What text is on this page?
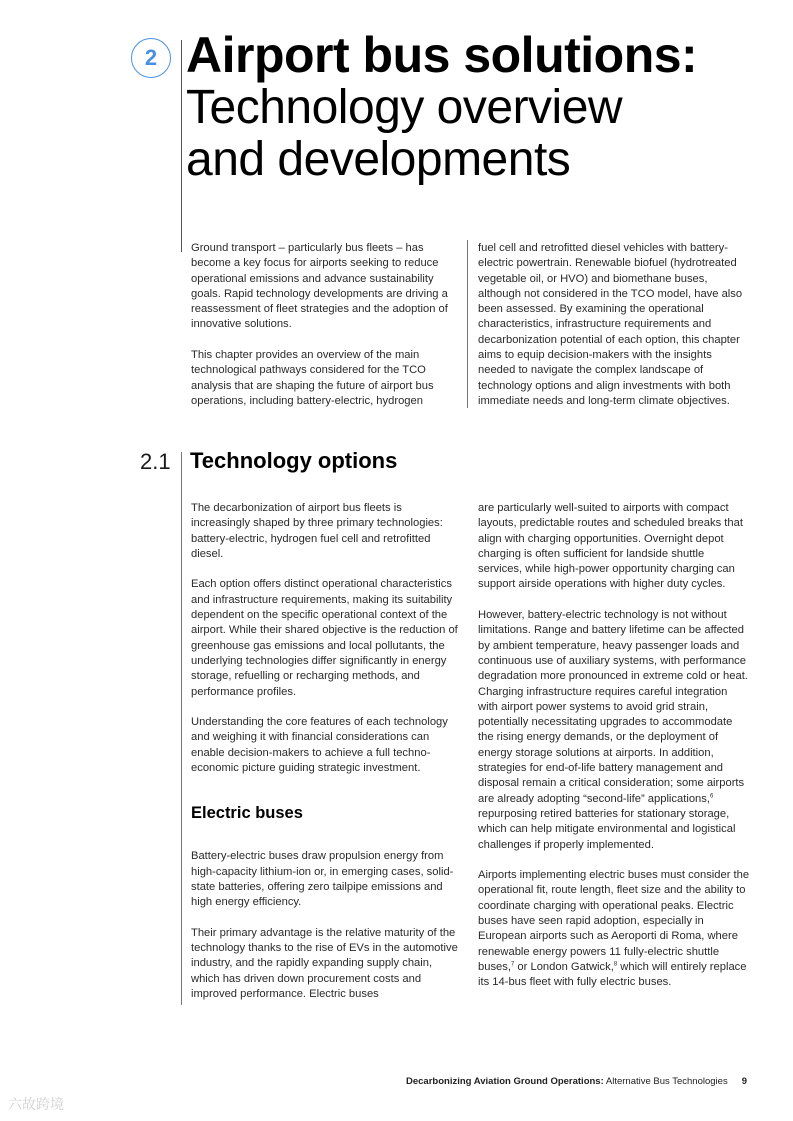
2 Airport bus solutions:
Technology overview
and developments

Ground transport – particularly bus fleets – has become a key focus for airports seeking to reduce operational emissions and advance sustainability goals. Rapid technology developments are driving a reassessment of fleet strategies and the adoption of innovative solutions.

This chapter provides an overview of the main technological pathways considered for the TCO analysis that are shaping the future of airport bus operations, including battery-electric, hydrogen

fuel cell and retrofitted diesel vehicles with battery-electric powertrain. Renewable biofuel (hydrotreated vegetable oil, or HVO) and biomethane buses, although not considered in the TCO model, have also been assessed. By examining the operational characteristics, infrastructure requirements and decarbonization potential of each option, this chapter aims to equip decision-makers with the insights needed to navigate the complex landscape of technology options and align investments with both immediate needs and long-term climate objectives.

2.1 Technology options

The decarbonization of airport bus fleets is increasingly shaped by three primary technologies: battery-electric, hydrogen fuel cell and retrofitted diesel.

Each option offers distinct operational characteristics and infrastructure requirements, making its suitability dependent on the specific operational context of the airport. While their shared objective is the reduction of greenhouse gas emissions and local pollutants, the underlying technologies differ significantly in energy storage, refuelling or recharging methods, and performance profiles.

Understanding the core features of each technology and weighing it with financial considerations can enable decision-makers to achieve a full techno-economic picture guiding strategic investment.

Electric buses

Battery-electric buses draw propulsion energy from high-capacity lithium-ion or, in emerging cases, solid-state batteries, offering zero tailpipe emissions and high energy efficiency.

Their primary advantage is the relative maturity of the technology thanks to the rise of EVs in the automotive industry, and the rapidly expanding supply chain, which has driven down procurement costs and improved performance. Electric buses

are particularly well-suited to airports with compact layouts, predictable routes and scheduled breaks that align with charging opportunities. Overnight depot charging is often sufficient for landside shuttle services, while high-power opportunity charging can support airside operations with higher duty cycles.

However, battery-electric technology is not without limitations. Range and battery lifetime can be affected by ambient temperature, heavy passenger loads and continuous use of auxiliary systems, with performance degradation more pronounced in extreme cold or heat. Charging infrastructure requires careful integration with airport power systems to avoid grid strain, potentially necessitating upgrades to accommodate the rising energy demands, or the deployment of energy storage solutions at airports. In addition, strategies for end-of-life battery management and disposal remain a critical consideration; some airports are already adopting “second-life” applications,$^6$ repurposing retired batteries for stationary storage, which can help mitigate environmental and logistical challenges if properly implemented.

Airports implementing electric buses must consider the operational fit, route length, fleet size and the ability to coordinate charging with operational peaks. Electric buses have seen rapid adoption, especially in European airports such as Aeroporti di Roma, where renewable energy powers 11 fully-electric shuttle buses,$^7$ or London Gatwick,$^8$ which will entirely replace its 14-bus fleet with fully electric buses.

Decarbonizing Aviation Ground Operations: Alternative Bus Technologies 9
六故跨境
